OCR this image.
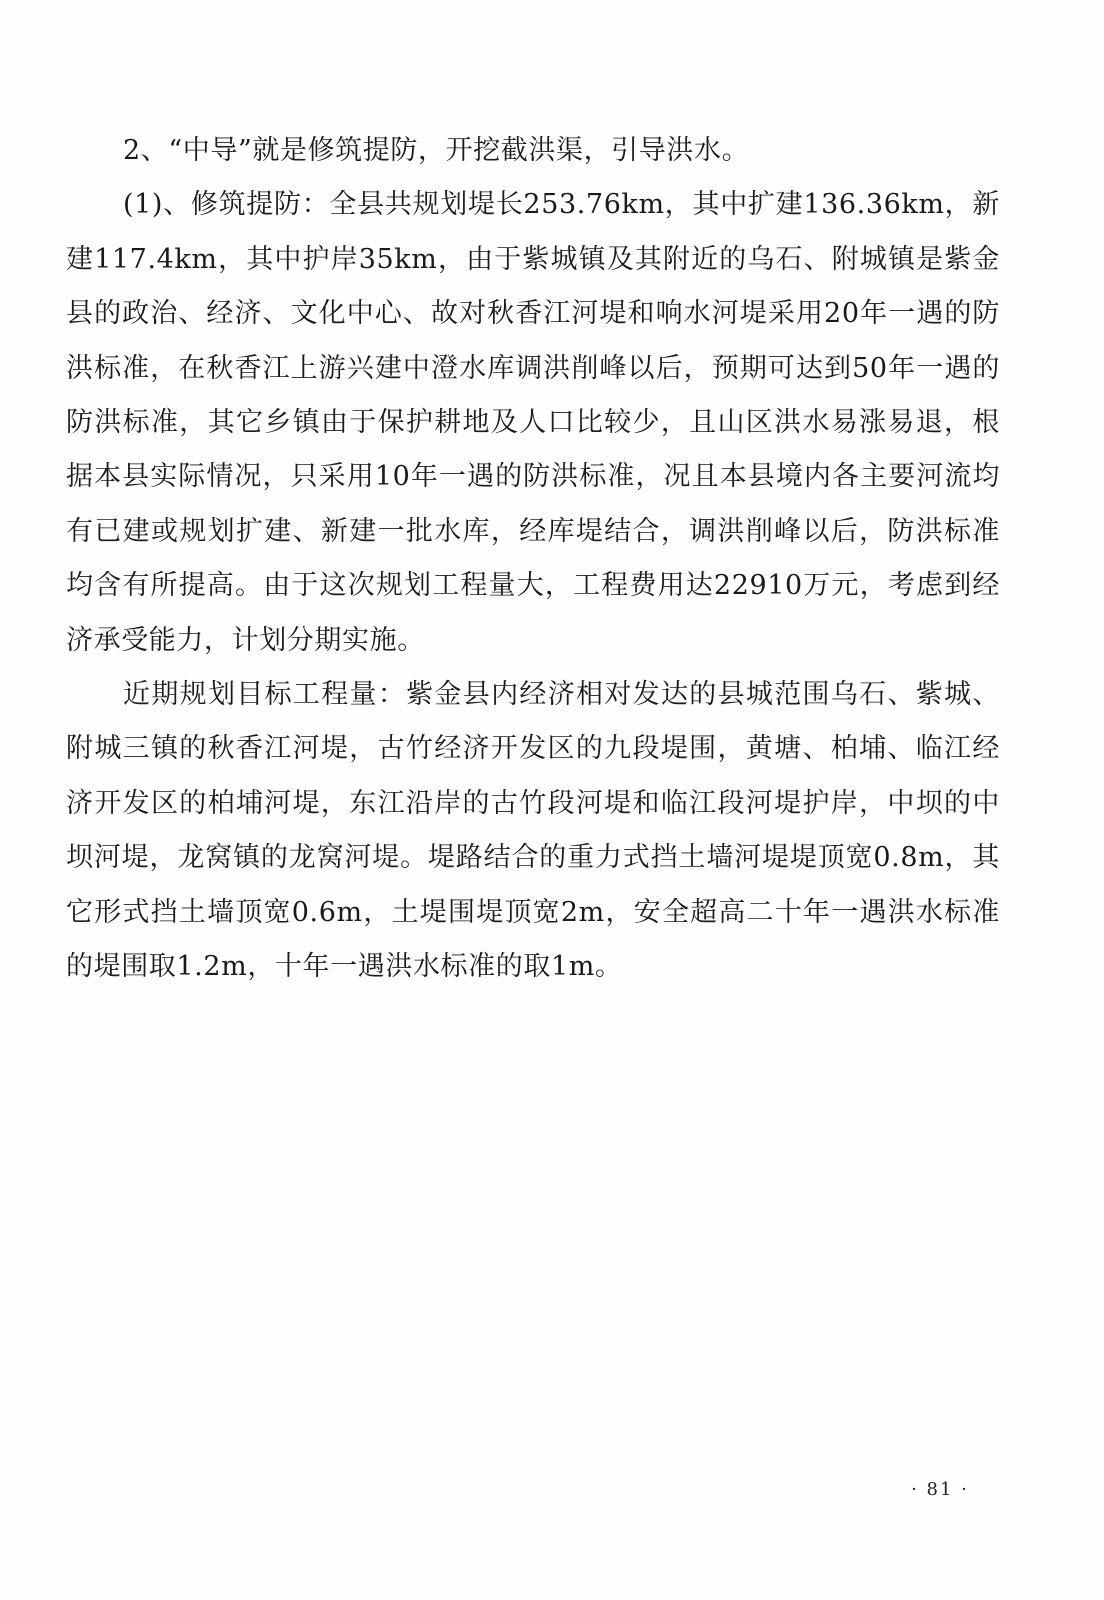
2、“中导”就是修筑提防，开挖截洪渠，引导洪水。

(1)、修筑提防：全县共规划堤长253.76km，其中扩建136.36km，新建117.4km，其中护岸35km，由于紫城镇及其附近的乌石、附城镇是紫金县的政治、经济、文化中心、故对秋香江河堤和响水河堤采用20年一遇的防洪标准，在秋香江上游兴建中澄水库调洪削峰以后，预期可达到50年一遇的防洪标准，其它乡镇由于保护耕地及人口比较少，且山区洪水易涨易退，根据本县实际情况，只采用10年一遇的防洪标准，况且本县境内各主要河流均有已建或规划扩建、新建一批水库，经库堤结合，调洪削峰以后，防洪标准均含有所提高。由于这次规划工程量大，工程费用达22910万元，考虑到经济承受能力，计划分期实施。

近期规划目标工程量：紫金县内经济相对发达的县城范围乌石、紫城、附城三镇的秋香江河堤，古竹经济开发区的九段堤围，黄塘、柏埔、临江经济开发区的柏埔河堤，东江沿岸的古竹段河堤和临江段河堤护岸，中坝的中坝河堤，龙窝镇的龙窝河堤。堤路结合的重力式挡土墙河堤堤顶宽0.8m，其它形式挡土墙顶宽0.6m，土堤围堤顶宽2m，安全超高二十年一遇洪水标准的堤围取1.2m，十年一遇洪水标准的取1m。

· 81 ·
